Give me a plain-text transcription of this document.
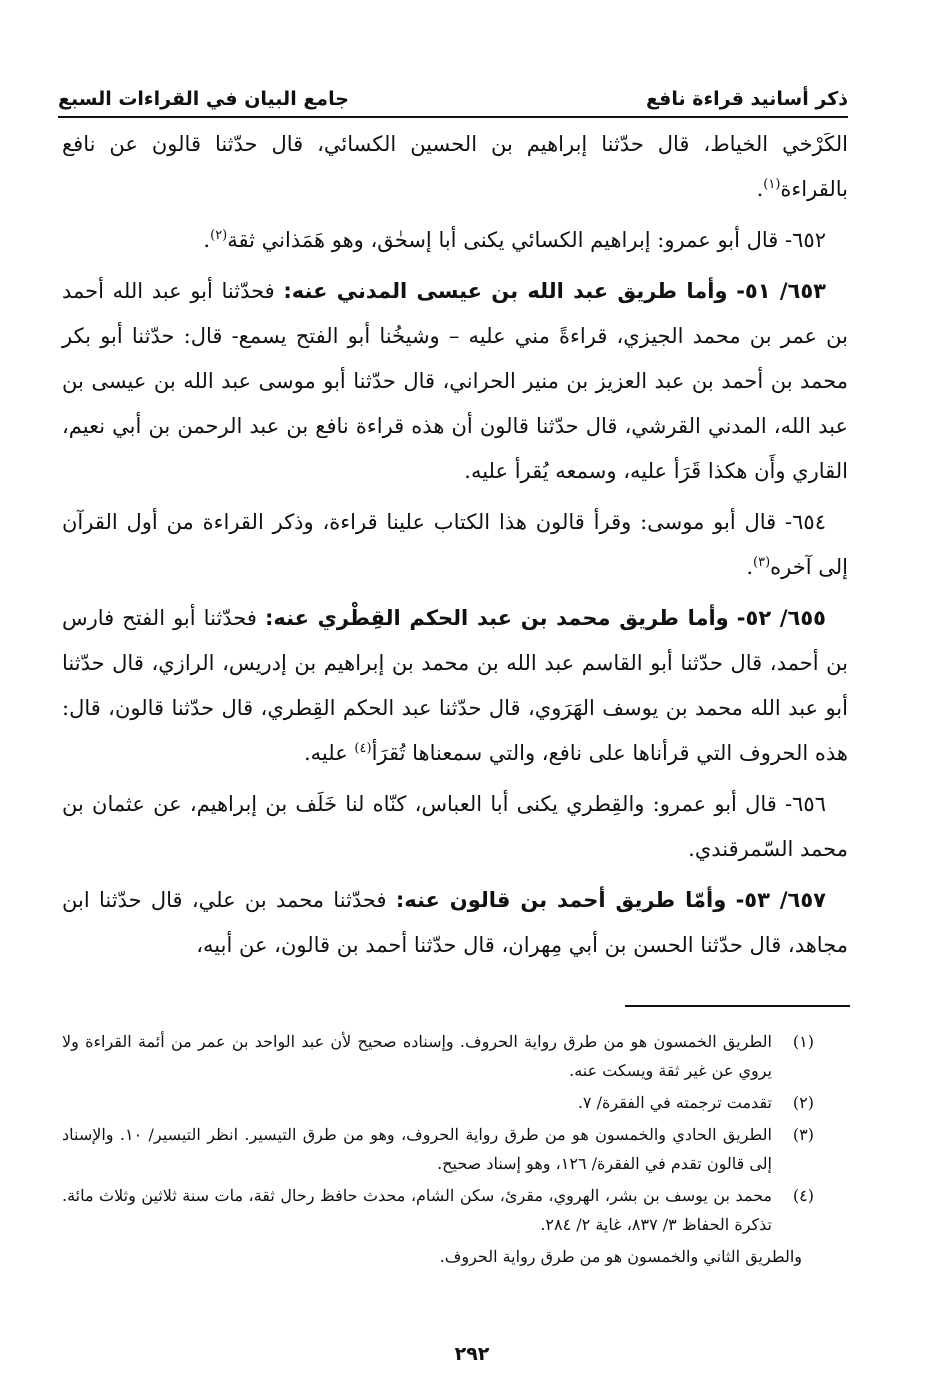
ذكر أسانيد قراءة نافع
جامع البيان في القراءات السبع

الكَرْخي الخياط، قال حدّثنا إبراهيم بن الحسين الكسائي، قال حدّثنا قالون عن نافع بالقراءة$^{(١)}$.

٦٥٢- قال أبو عمرو: إبراهيم الكسائي يكنى أبا إسحٰق، وهو هَمَذاني ثقة$^{(٢)}$.

٦٥٣/ ٥١- وأما طريق عبد الله بن عيسى المدني عنه: فحدّثنا أبو عبد الله أحمد بن عمر بن محمد الجيزي، قراءةً مني عليه – وشيخُنا أبو الفتح يسمع- قال: حدّثنا أبو بكر محمد بن أحمد بن عبد العزيز بن منير الحراني، قال حدّثنا أبو موسى عبد الله بن عيسى بن عبد الله، المدني القرشي، قال حدّثنا قالون أن هذه قراءة نافع بن عبد الرحمن بن أبي نعيم، القاري وأَن هكذا قَرَأ عليه، وسمعه يُقرأ عليه.

٦٥٤- قال أبو موسى: وقرأ قالون هذا الكتاب علينا قراءة، وذكر القراءة من أول القرآن إلى آخره$^{(٣)}$.

٦٥٥/ ٥٢- وأما طريق محمد بن عبد الحكم القِطْري عنه: فحدّثنا أبو الفتح فارس بن أحمد، قال حدّثنا أبو القاسم عبد الله بن محمد بن إبراهيم بن إدريس، الرازي، قال حدّثنا أبو عبد الله محمد بن يوسف الهَرَوي، قال حدّثنا عبد الحكم القِطري، قال حدّثنا قالون، قال: هذه الحروف التي قرأناها على نافع، والتي سمعناها تُقرَأ$^{(٤)}$ عليه.

٦٥٦- قال أبو عمرو: والقِطري يكنى أبا العباس، كنّاه لنا خَلَف بن إبراهيم، عن عثمان بن محمد السّمرقندي.

٦٥٧/ ٥٣- وأمّا طريق أحمد بن قالون عنه: فحدّثنا محمد بن علي، قال حدّثنا ابن مجاهد، قال حدّثنا الحسن بن أبي مِهران، قال حدّثنا أحمد بن قالون، عن أبيه،

(١)
الطريق الخمسون هو من طرق رواية الحروف. وإسناده صحيح لأن عبد الواحد بن عمر من أئمة القراءة ولا يروي عن غير ثقة ويسكت عنه.
(٢)
تقدمت ترجمته في الفقرة/ ٧.
(٣)
الطريق الحادي والخمسون هو من طرق رواية الحروف، وهو من طرق التيسير. انظر التيسير/ ١٠. والإسناد إلى قالون تقدم في الفقرة/ ١٢٦، وهو إسناد صحيح.
(٤)
محمد بن يوسف بن بشر، الهروي، مقرئ، سكن الشام، محدث حافظ رحال ثقة، مات سنة ثلاثين وثلاث مائة. تذكرة الحفاظ ٣/ ٨٣٧، غاية ٢/ ٢٨٤.
والطريق الثاني والخمسون هو من طرق رواية الحروف.
٢٩٢
